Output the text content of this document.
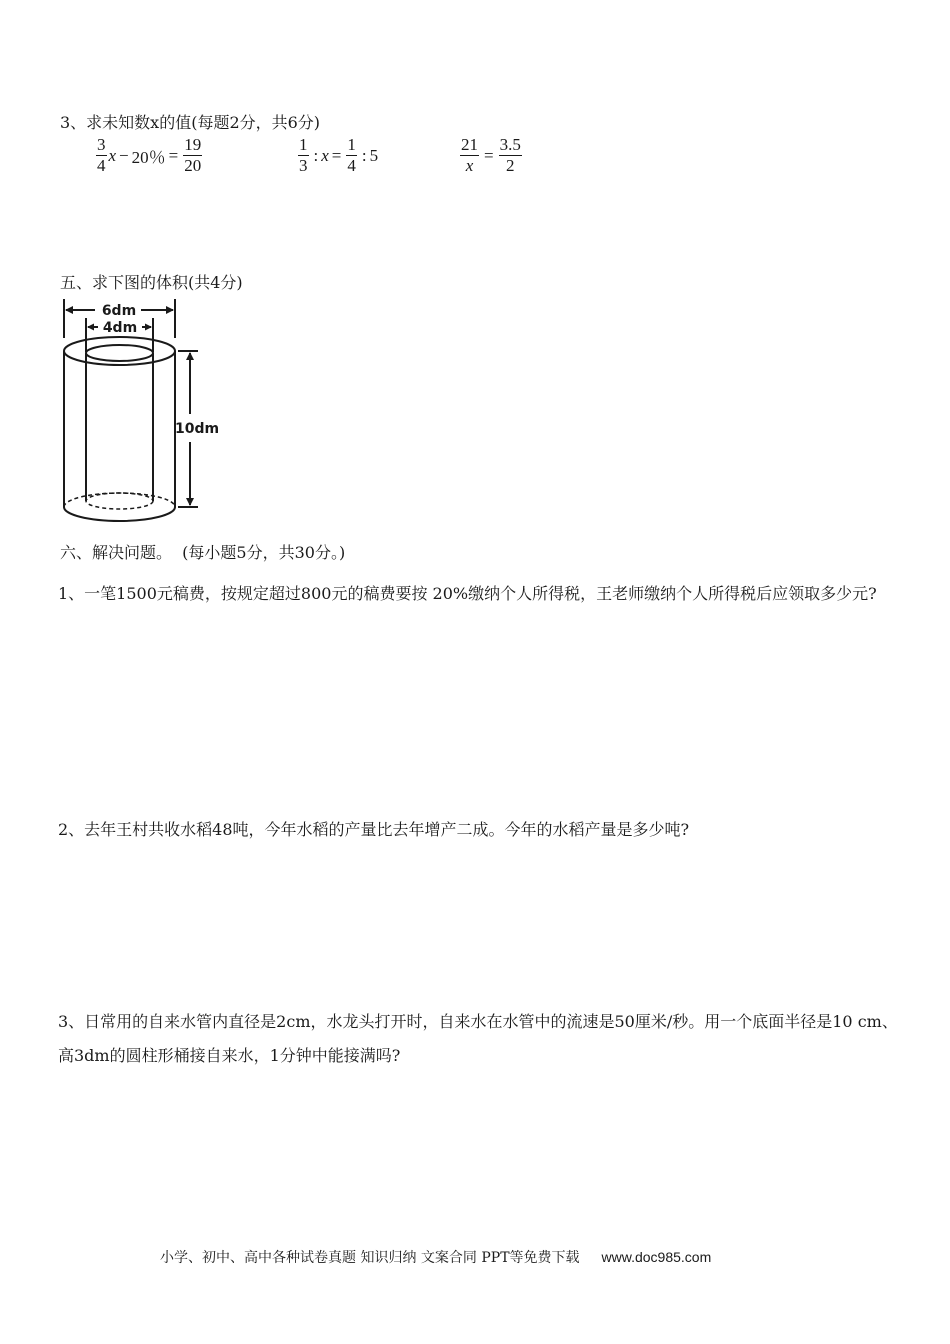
3、求未知数x的值(每题2分，共6分)
$\frac{3}{4}$ x − 20％ = $\frac{19}{20}$	$\frac{1}{3}$ : $x = \frac{1}{4}$ : 5	$\frac{21}{x} = \frac{3.5}{2}$
五、求下图的体积(共4分)
6dm
4dm
10dm
六、解决问题。  (每小题5分，共30分。)
1、一笔1500元稿费，按规定超过800元的稿费要按 20%缴纳个人所得税，王老师缴纳个人所得税后应领取多少元?
2、去年王村共收水稻48吨，今年水稻的产量比去年增产二成。今年的水稻产量是多少吨?
3、日常用的自来水管内直径是2cm，水龙头打开时，自来水在水管中的流速是50厘米/秒。用一个底面半径是10 cm、高3dm的圆柱形桶接自来水，1分钟中能接满吗?
小学、初中、高中各种试卷真题 知识归纳 文案合同 PPT等免费下载 www.doc985.com
